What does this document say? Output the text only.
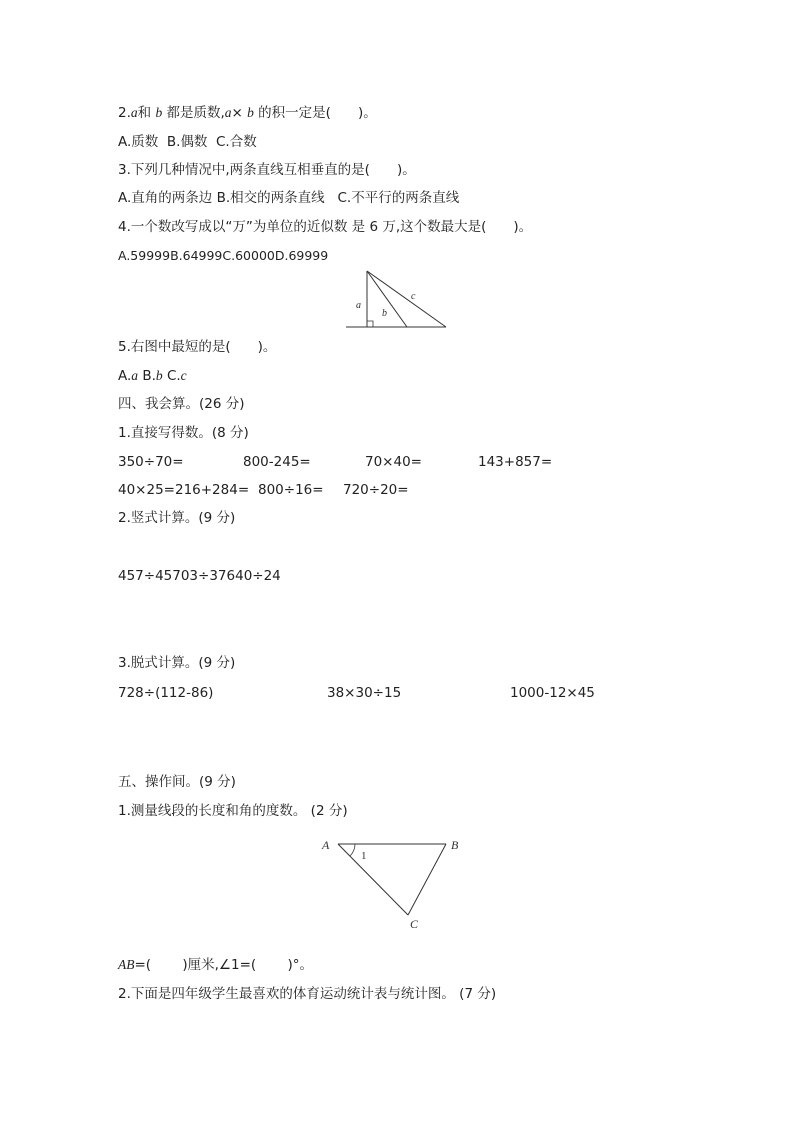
2.a和 b 都是质数,a× b 的积一定是(　　)。
A.质数  B.偶数  C.合数
3.下列几种情况中,两条直线互相垂直的是(　　)。
A.直角的两条边 B.相交的两条直线   C.不平行的两条直线
4.一个数改写成以“万”为单位的近似数 是 6 万,这个数最大是(　　)。
A.59999B.64999C.60000D.69999
a
b
c
5.右图中最短的是(　　)。
A.a B.b C.c
四、我会算。(26 分)
1.直接写得数。(8 分)
350÷70=	800-245=	70×40=	143+857=
40×25=216+284= 800÷16= 720÷20=
2.竖式计算。(9 分)
457÷45703÷37640÷24
3.脱式计算。(9 分)
728÷(112-86)	38×30÷15	1000-12×45
五、操作间。(9 分)
1.测量线段的长度和角的度数。 (2 分)
A	B
C
1
AB=(　　 )厘米,∠1=(　　 )°。
2.下面是四年级学生最喜欢的体育运动统计表与统计图。 (7 分)
